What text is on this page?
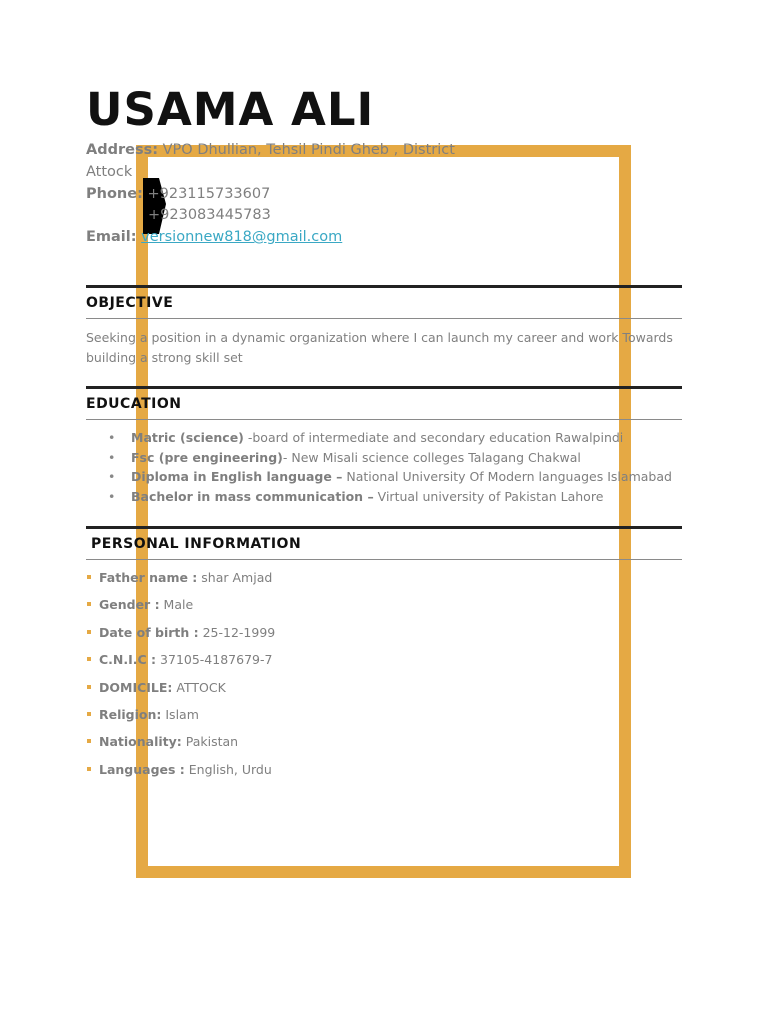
USAMA ALI
Address: VPO Dhullian, Tehsil Pindi Gheb , District
Attock
Phone: +923115733607
+923083445783
Email: versionnew818@gmail.com
OBJECTIVE
Seeking a position in a dynamic organization where I can launch my career and work Towards
building a strong skill set
EDUCATION
• Matric (science) -board of intermediate and secondary education Rawalpindi
• Fsc (pre engineering)- New Misali science colleges Talagang Chakwal
• Diploma in English language – National University Of Modern languages Islamabad
• Bachelor in mass communication – Virtual university of Pakistan Lahore
PERSONAL INFORMATION
Father name : shar Amjad
Gender : Male
Date of birth : 25-12-1999
C.N.I.C : 37105-4187679-7
DOMICILE: ATTOCK
Religion: Islam
Nationality: Pakistan
Languages : English, Urdu
